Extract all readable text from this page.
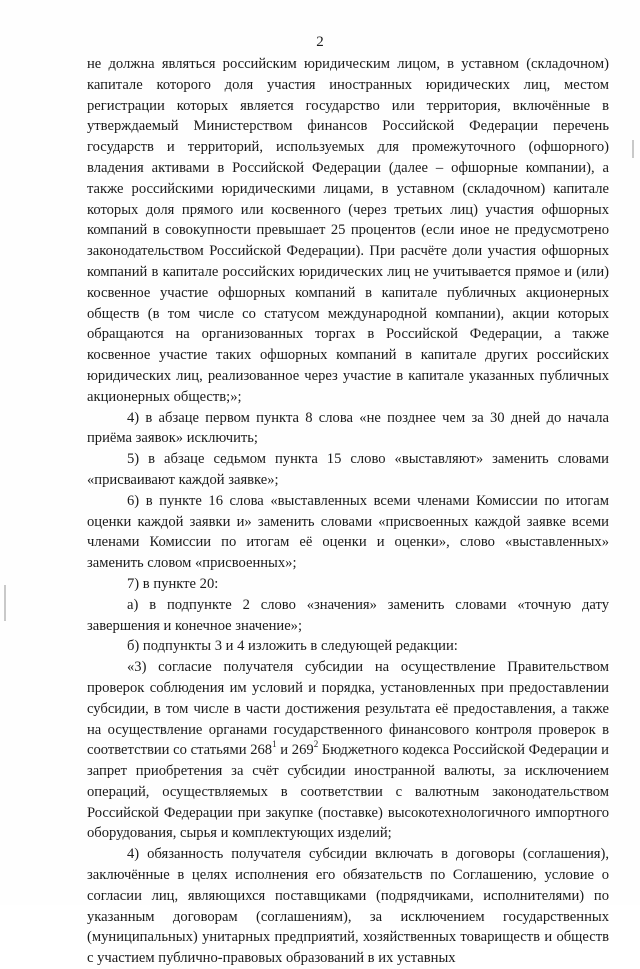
2

не должна являться российским юридическим лицом, в уставном (складочном) капитале которого доля участия иностранных юридических лиц, местом регистрации которых является государство или территория, включённые в утверждаемый Министерством финансов Российской Федерации перечень государств и территорий, используемых для промежуточного (офшорного) владения активами в Российской Федерации (далее – офшорные компании), а также российскими юридическими лицами, в уставном (складочном) капитале которых доля прямого или косвенного (через третьих лиц) участия офшорных компаний в совокупности превышает 25 процентов (если иное не предусмотрено законодательством Российской Федерации). При расчёте доли участия офшорных компаний в капитале российских юридических лиц не учитывается прямое и (или) косвенное участие офшорных компаний в капитале публичных акционерных обществ (в том числе со статусом международной компании), акции которых обращаются на организованных торгах в Российской Федерации, а также косвенное участие таких офшорных компаний в капитале других российских юридических лиц, реализованное через участие в капитале указанных публичных акционерных обществ;»;

4) в абзаце первом пункта 8 слова «не позднее чем за 30 дней до начала приёма заявок» исключить;

5) в абзаце седьмом пункта 15 слово «выставляют» заменить словами «присваивают каждой заявке»;

6) в пункте 16 слова «выставленных всеми членами Комиссии по итогам оценки каждой заявки и» заменить словами «присвоенных каждой заявке всеми членами Комиссии по итогам её оценки и оценки», слово «выставленных» заменить словом «присвоенных»;

7) в пункте 20:

а) в подпункте 2 слово «значения» заменить словами «точную дату завершения и конечное значение»;

б) подпункты 3 и 4 изложить в следующей редакции:

«3) согласие получателя субсидии на осуществление Правительством проверок соблюдения им условий и порядка, установленных при предоставлении субсидии, в том числе в части достижения результата её предоставления, а также на осуществление органами государственного финансового контроля проверок в соответствии со статьями $268^1$ и $269^2$ Бюджетного кодекса Российской Федерации и запрет приобретения за счёт субсидии иностранной валюты, за исключением операций, осуществляемых в соответствии с валютным законодательством Российской Федерации при закупке (поставке) высокотехнологичного импортного оборудования, сырья и комплектующих изделий;

4) обязанность получателя субсидии включать в договоры (соглашения), заключённые в целях исполнения его обязательств по Соглашению, условие о согласии лиц, являющихся поставщиками (подрядчиками, исполнителями) по указанным договорам (соглашениям), за исключением государственных (муниципальных) унитарных предприятий, хозяйственных товариществ и обществ с участием публично-правовых образований в их уставных
